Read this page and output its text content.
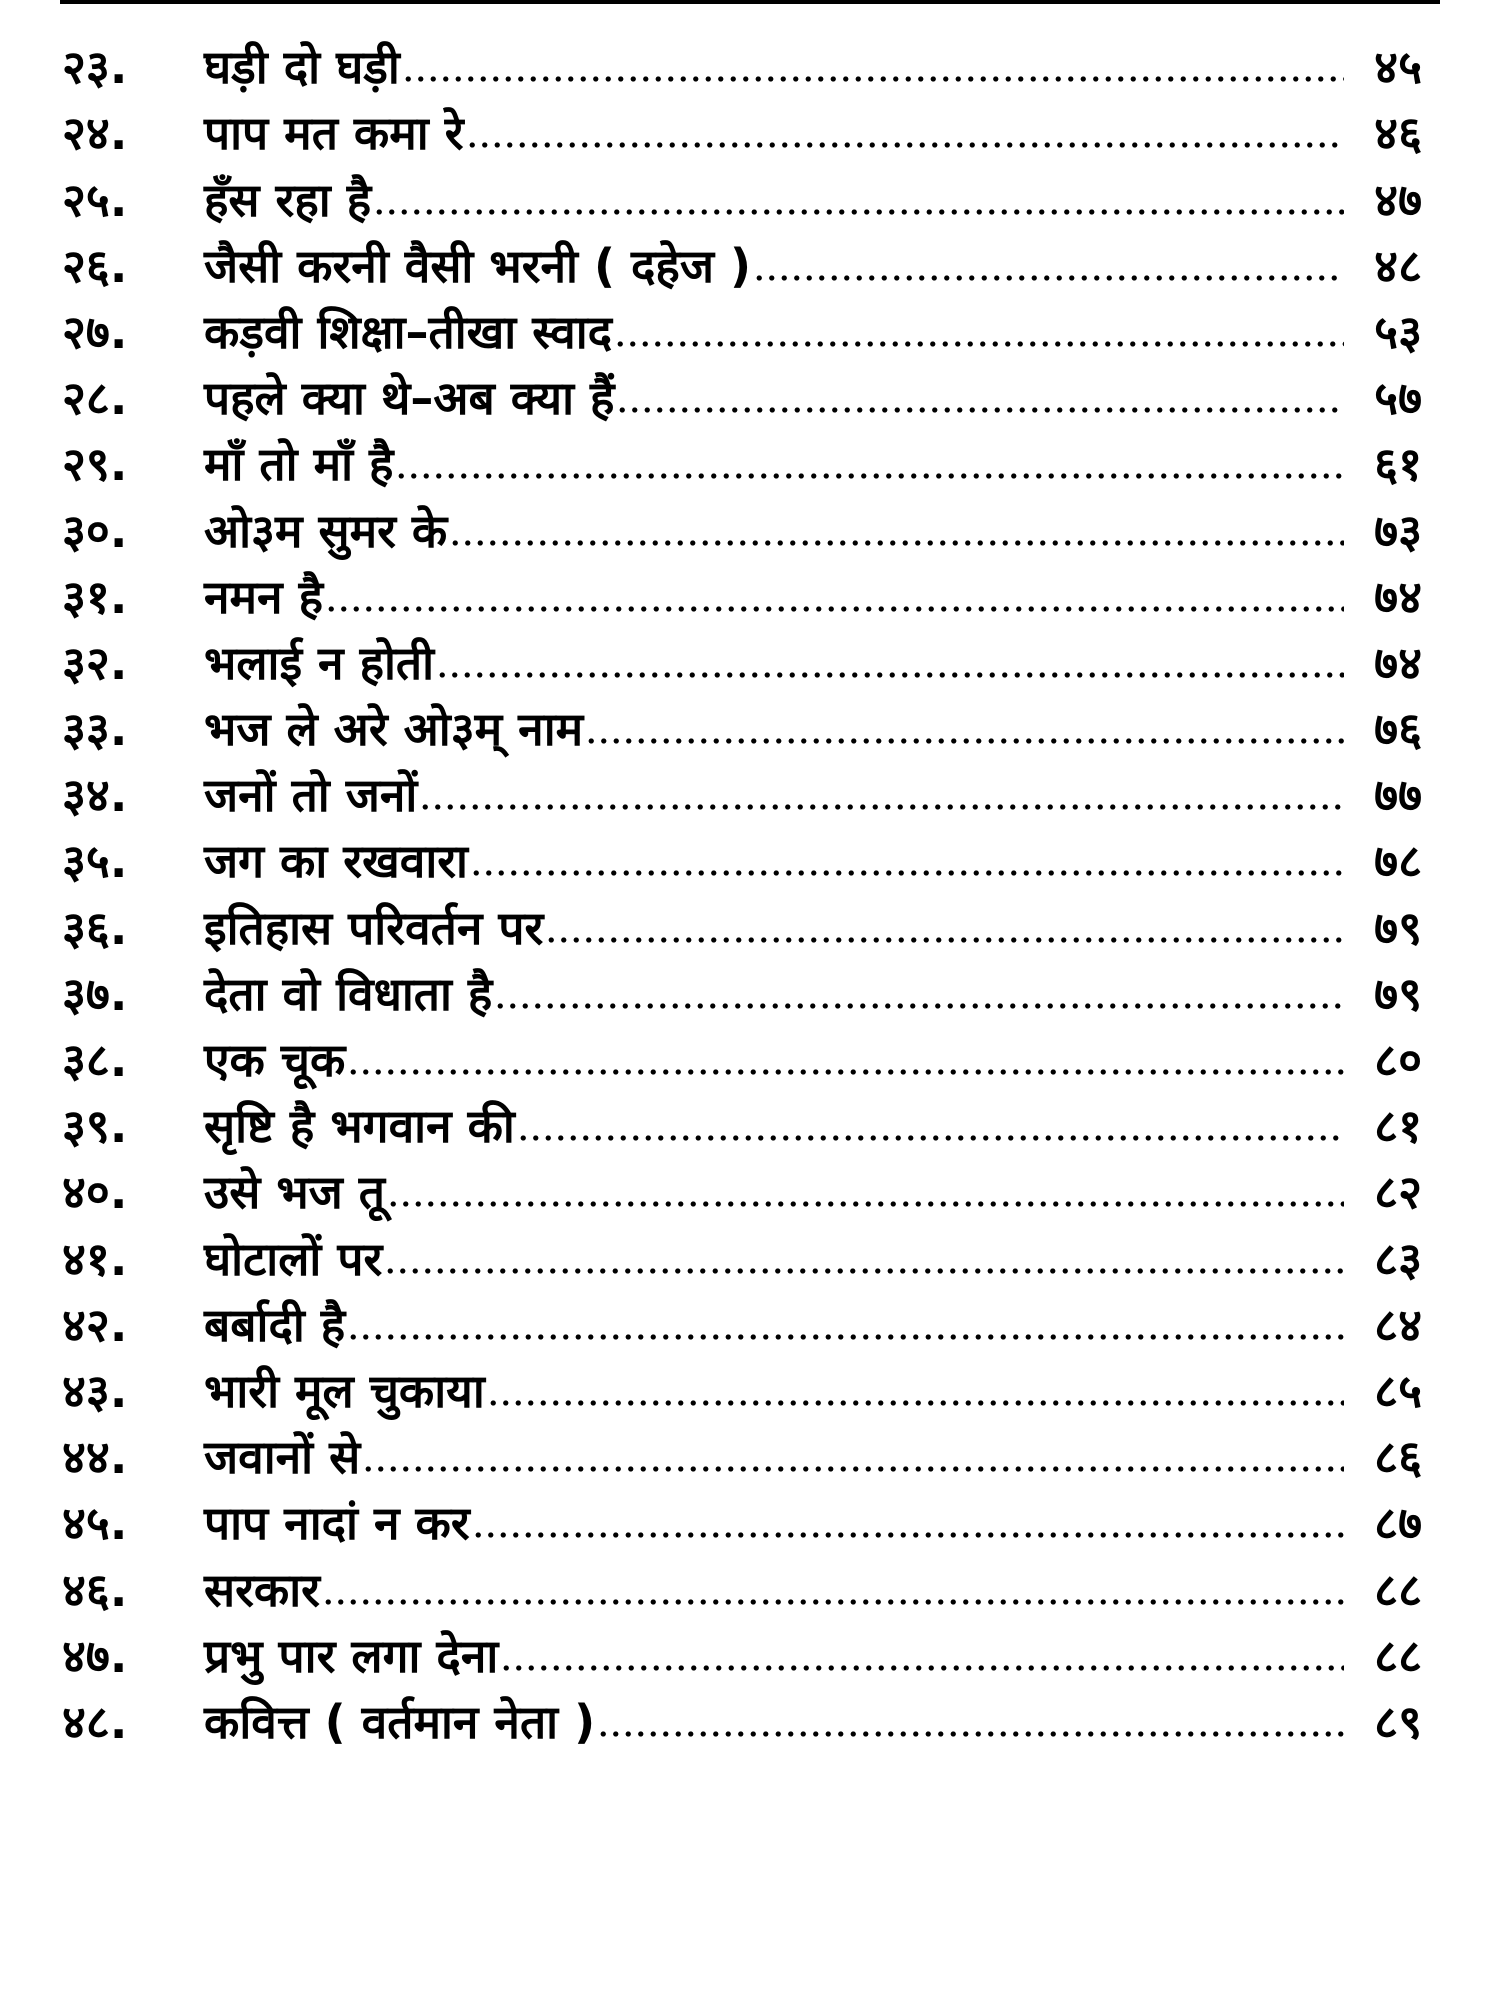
२३.	घड़ी दो घड़ी	४५
२४.	पाप मत कमा रे	४६
२५.	हँस रहा है	४७
२६.	जैसी करनी वैसी भरनी ( दहेज )	४८
२७.	कड़वी शिक्षा–तीखा स्वाद	५३
२८.	पहले क्या थे–अब क्या हैं	५७
२९.	माँ तो माँ है	६१
३०.	ओ३म सुमर के	७३
३१.	नमन है	७४
३२.	भलाई न होती	७४
३३.	भज ले अरे ओ३म् नाम	७६
३४.	जनों तो जनों	७७
३५.	जग का रखवारा	७८
३६.	इतिहास परिवर्तन पर	७९
३७.	देता वो विधाता है	७९
३८.	एक चूक	८०
३९.	सृष्टि है भगवान की	८१
४०.	उसे भज तू	८२
४१.	घोटालों पर	८३
४२.	बर्बादी है	८४
४३.	भारी मूल चुकाया	८५
४४.	जवानों से	८६
४५.	पाप नादां न कर	८७
४६.	सरकार	८८
४७.	प्रभु पार लगा देना	८८
४८.	कवित्त ( वर्तमान नेता )	८९
